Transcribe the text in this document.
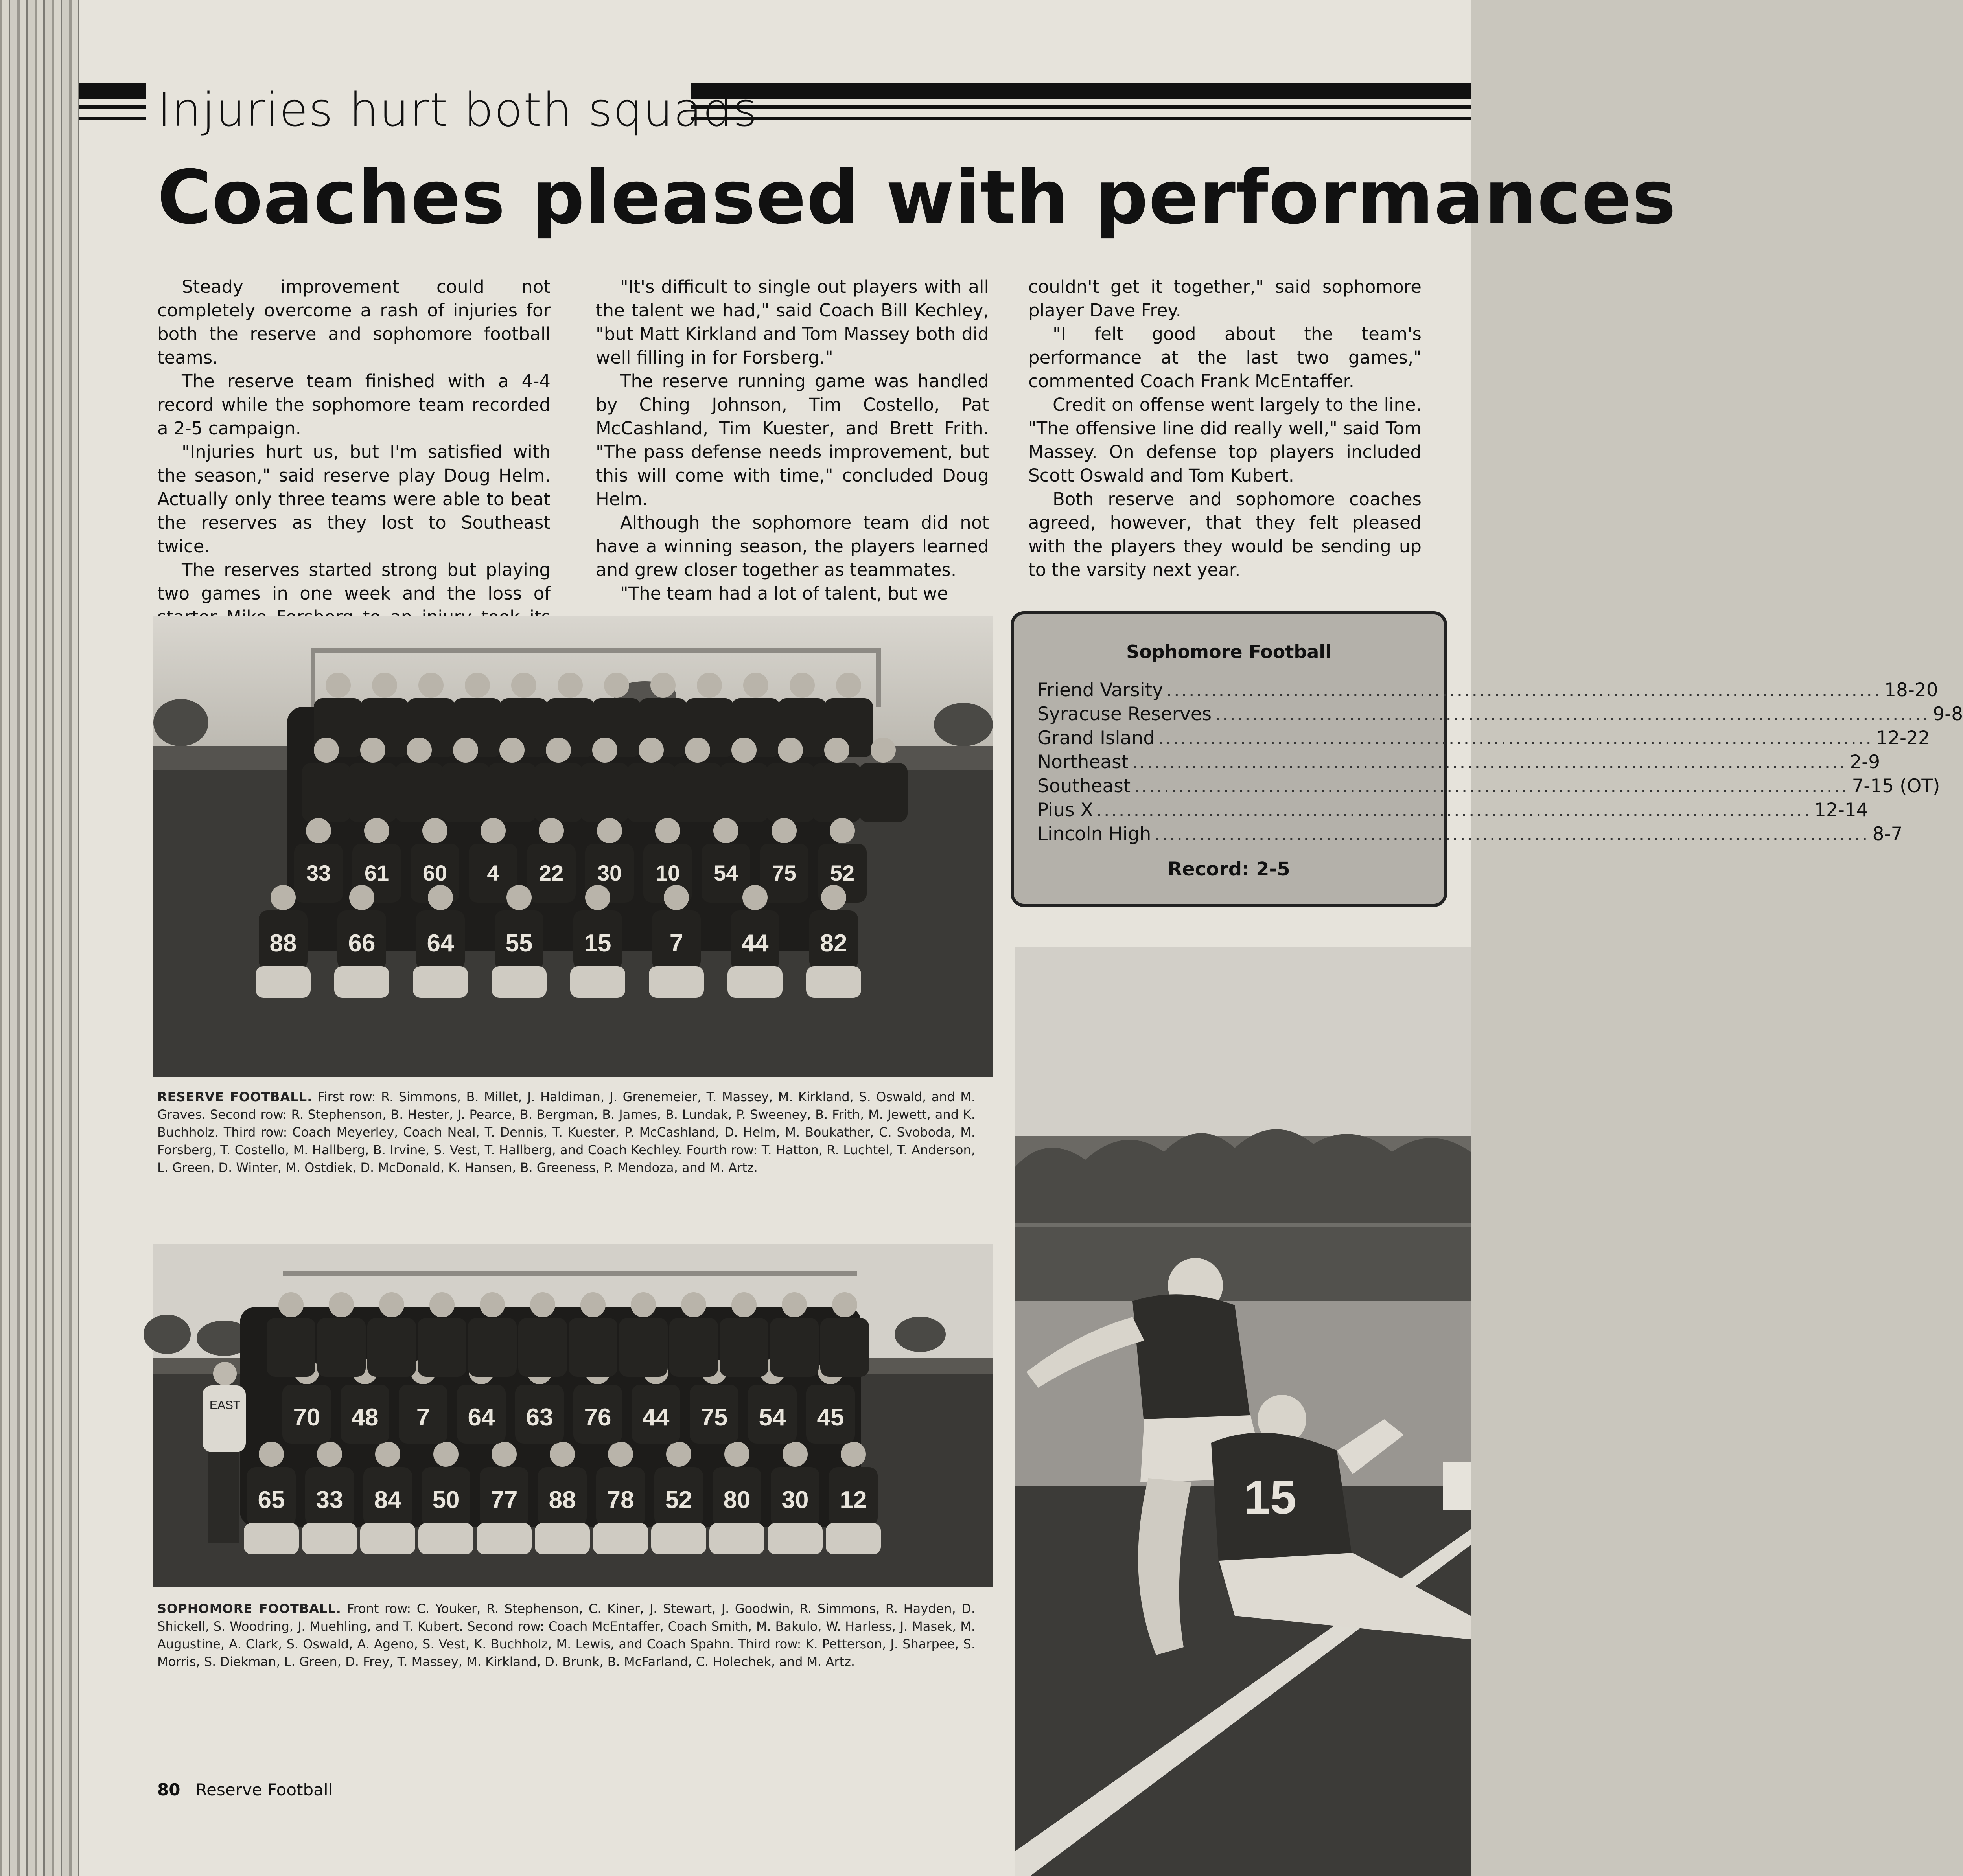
Injuries hurt both squads
Coaches pleased with performances

Steady improvement could not completely overcome a rash of injuries for both the reserve and sophomore football teams.

The reserve team finished with a 4-4 record while the sophomore team recorded a 2-5 campaign.

"Injuries hurt us, but I'm satisfied with the season," said reserve play Doug Helm. Actually only three teams were able to beat the reserves as they lost to Southeast twice.

The reserves started strong but playing two games in one week and the loss of

"It's difficult to single out players with all the talent we had," said Coach Bill Kechley, "but Matt Kirkland and Tom Massey both did well filling in for Forsberg."

The reserve running game was handled by Ching Johnson, Tim Costello, Pat McCashland, Tim Kuester, and Brett Frith. "The pass defense needs improvement, but this will come with time," concluded Doug Helm.

Although the sophomore team did not have a winning season, the players learned and grew closer together as teammates.

"The team had a lot of talent, but we

couldn't get it together," said sophomore player Dave Frey.

"I felt good about the team's performance at the last two games," commented Coach Frank McEntaffer.

Credit on offense went largely to the line. "The offensive line did really well," said Tom Massey. On defense top players included Scott Oswald and Tom Kubert.

Both reserve and sophomore coaches agreed, however, that they felt pleased with the players they would be sending up to the varsity next year.

88 66 64 55 15 7 44 82
33 61 60 4 22 30 10 54 75 52
RESERVE FOOTBALL. First row: R. Simmons, B. Millet, J. Haldiman, J. Grenemeier, T. Massey, M. Kirkland, S. Oswald, and M. Graves. Second row: R. Stephenson, B. Hester, J. Pearce, B. Bergman, B. James, B. Lundak, P. Sweeney, B. Frith, M. Jewett, and K. Buchholz. Third row: Coach Meyerley, Coach Neal, T. Dennis, T. Kuester, P. McCashland, D. Helm, M. Boukather, C. Svoboda, M. Forsberg, T. Costello, M. Hallberg, B. Irvine, S. Vest, T. Hallberg, and Coach Kechley. Fourth row: T. Hatton, R. Luchtel, T. Anderson, L. Green, D. Winter, M. Ostdiek, D. McDonald, K. Hansen, B. Greeness, P. Mendoza, and M. Artz.
65 33 84 50 77 88 78 52 80 30 12
70 48 7 64 63 76 44 75 54 45
EAST
SOPHOMORE FOOTBALL. Front row: C. Youker, R. Stephenson, C. Kiner, J. Stewart, J. Goodwin, R. Simmons, R. Hayden, D. Shickell, S. Woodring, J. Muehling, and T. Kubert. Second row: Coach McEntaffer, Coach Smith, M. Bakulo, W. Harless, J. Masek, M. Augustine, A. Clark, S. Oswald, A. Ageno, S. Vest, K. Buchholz, M. Lewis, and Coach Spahn. Third row: K. Petterson, J. Sharpee, S. Morris, S. Diekman, L. Green, D. Frey, T. Massey, M. Kirkland, D. Brunk, B. McFarland, C. Holechek, and M. Artz.
Sophomore Football
Friend Varsity .....	18-20
Syracuse Reserves .....	9-8
Grand Island .....	12-22
Northeast .....	2-9
Southeast .....	7-15 (OT)
Pius X .....	12-14
Lincoln High .....	8-7
Record: 2-5
15
80 Reserve Football
